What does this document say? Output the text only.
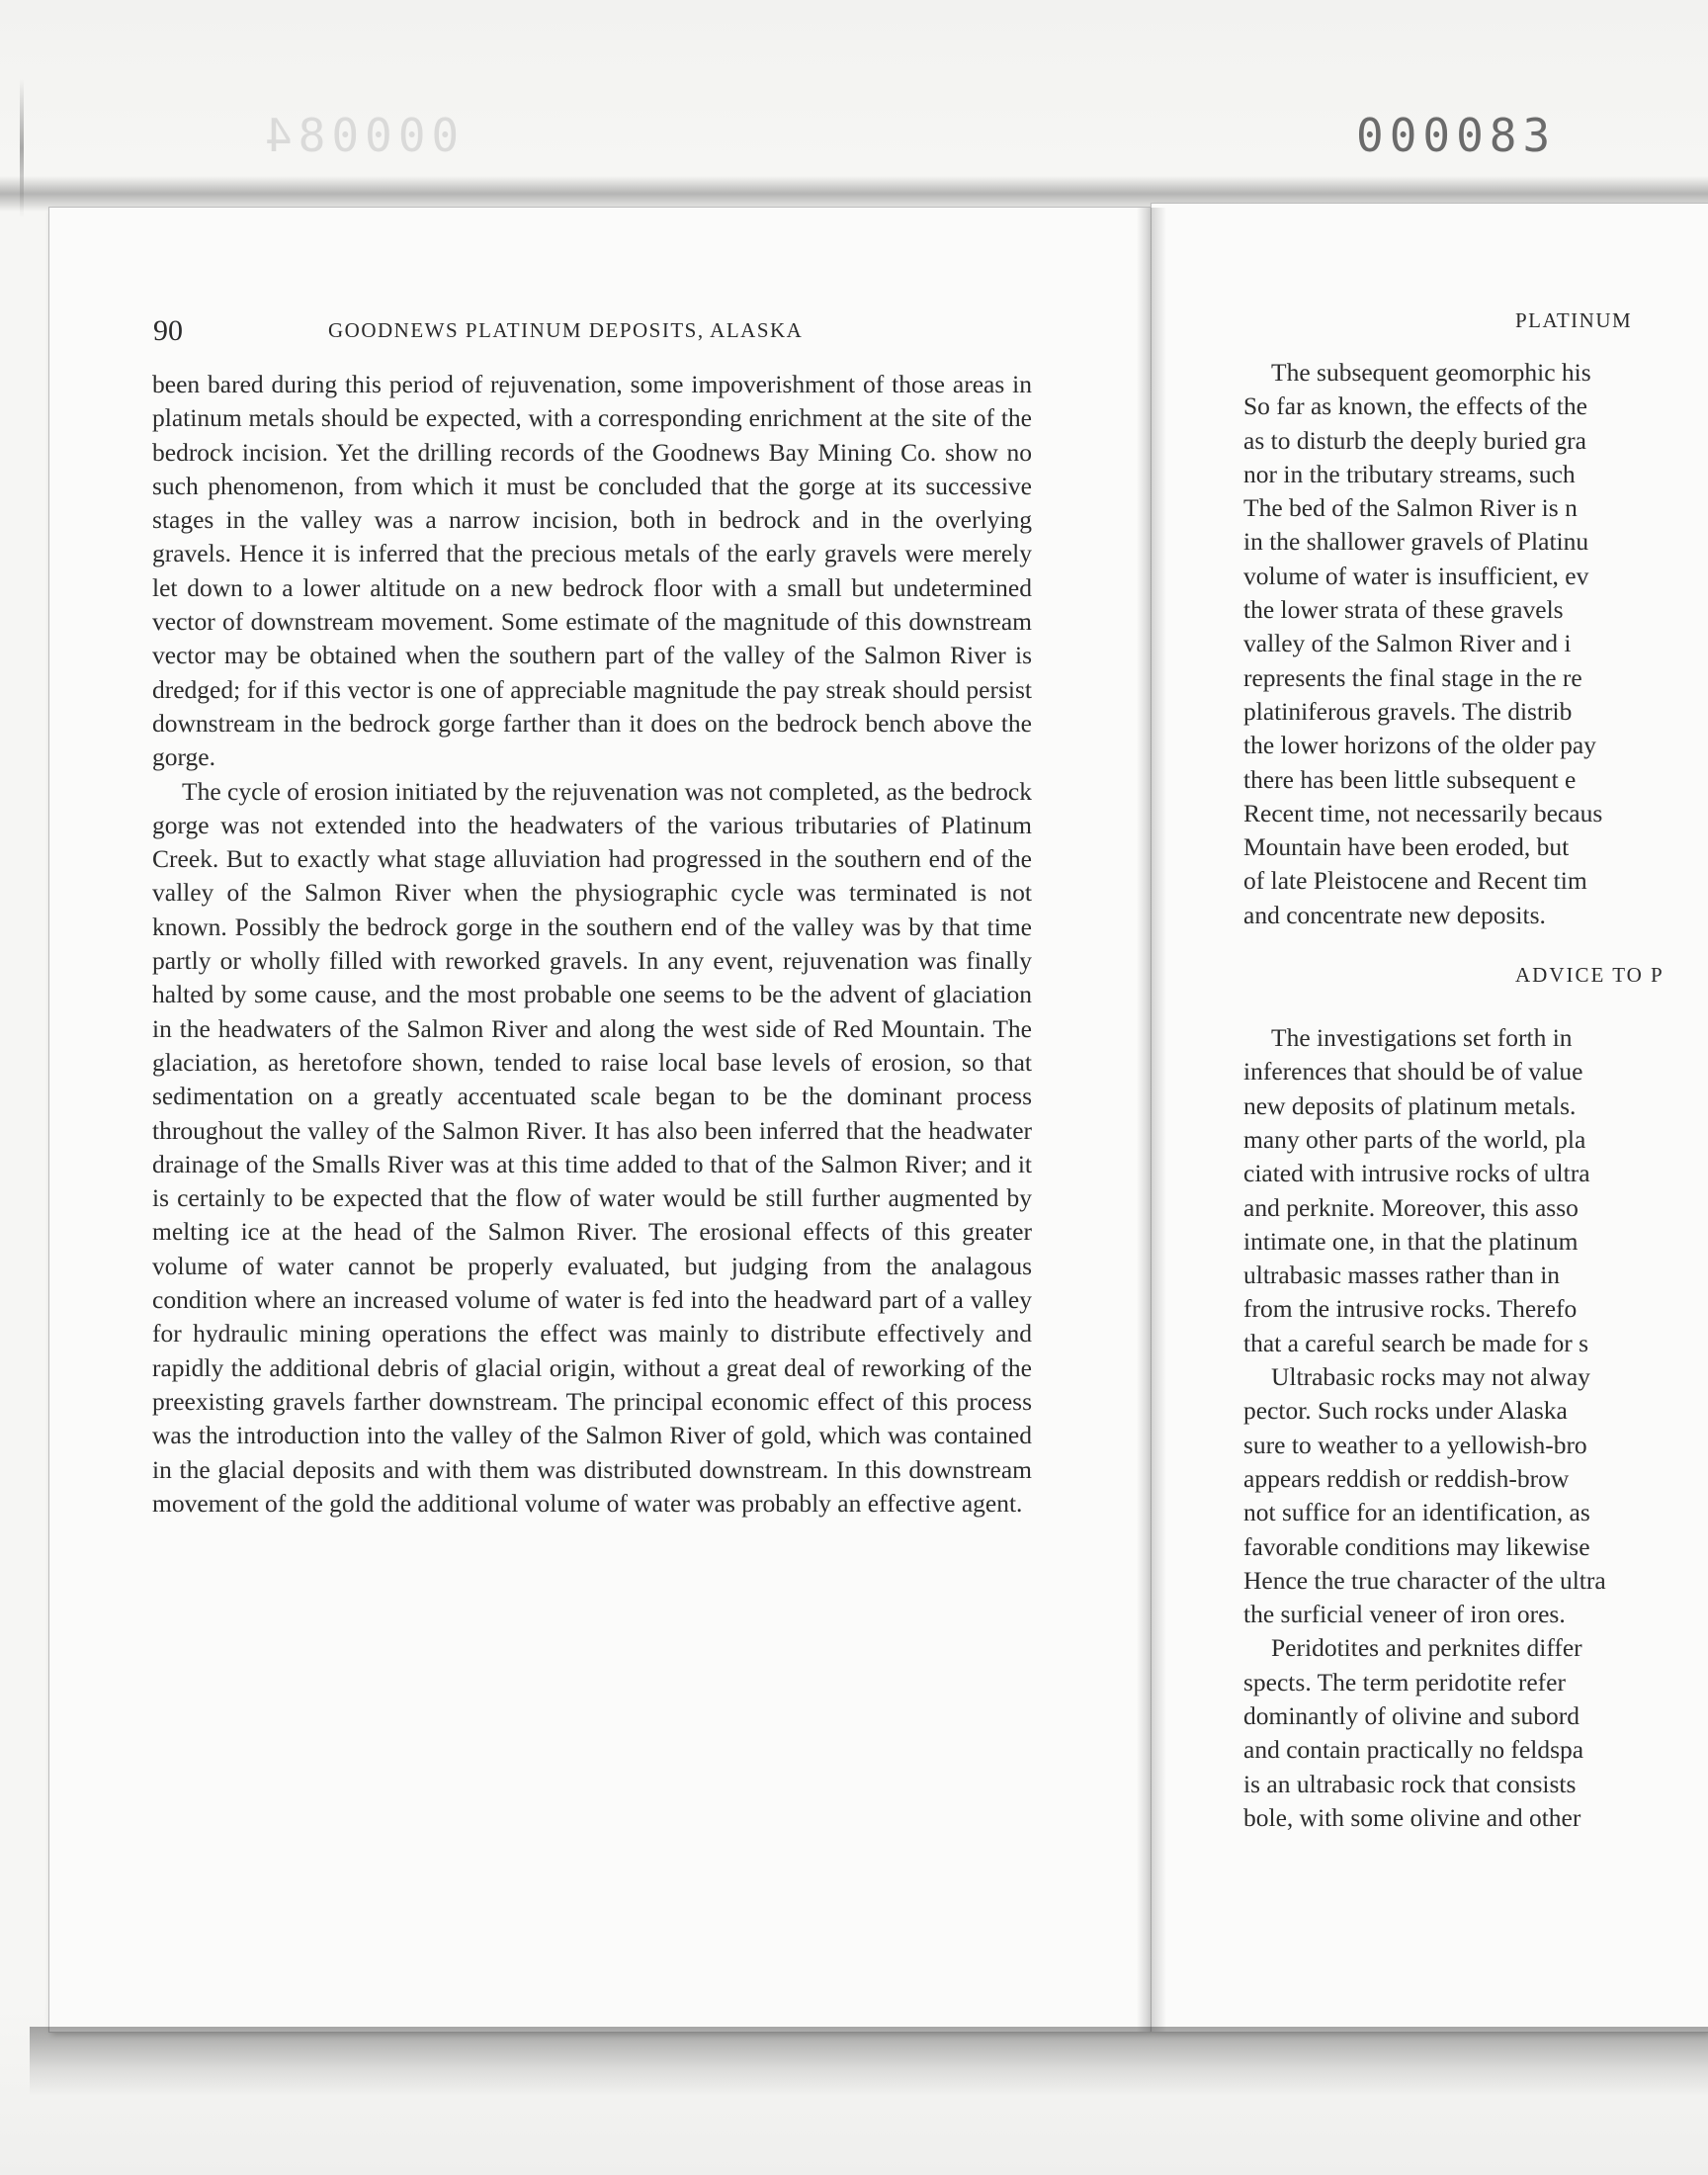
000084	000083
90	GOODNEWS PLATINUM DEPOSITS, ALASKA

been bared during this period of rejuvenation, some impoverishment of those areas in platinum metals should be expected, with a corresponding enrichment at the site of the bedrock incision. Yet the drilling records of the Goodnews Bay Mining Co. show no such phenomenon, from which it must be concluded that the gorge at its successive stages in the valley was a narrow incision, both in bedrock and in the overlying gravels. Hence it is inferred that the precious metals of the early gravels were merely let down to a lower altitude on a new bedrock floor with a small but undetermined vector of downstream movement. Some estimate of the magnitude of this downstream vector may be obtained when the southern part of the valley of the Salmon River is dredged; for if this vector is one of appreciable magnitude the pay streak should persist downstream in the bedrock gorge farther than it does on the bedrock bench above the gorge.

The cycle of erosion initiated by the rejuvenation was not completed, as the bedrock gorge was not extended into the headwaters of the various tributaries of Platinum Creek. But to exactly what stage alluviation had progressed in the southern end of the valley of the Salmon River when the physiographic cycle was terminated is not known. Possibly the bedrock gorge in the southern end of the valley was by that time partly or wholly filled with reworked gravels. In any event, rejuvenation was finally halted by some cause, and the most probable one seems to be the advent of glaciation in the headwaters of the Salmon River and along the west side of Red Mountain. The glaciation, as heretofore shown, tended to raise local base levels of erosion, so that sedimentation on a greatly accentuated scale began to be the dominant process throughout the valley of the Salmon River. It has also been inferred that the headwater drainage of the Smalls River was at this time added to that of the Salmon River; and it is certainly to be expected that the flow of water would be still further augmented by melting ice at the head of the Salmon River. The erosional effects of this greater volume of water cannot be properly evaluated, but judging from the analagous condition where an increased volume of water is fed into the headward part of a valley for hydraulic mining operations the effect was mainly to distribute effectively and rapidly the additional debris of glacial origin, without a great deal of reworking of the preexisting gravels farther downstream. The principal economic effect of this process was the introduction into the valley of the Salmon River of gold, which was contained in the glacial deposits and with them was distributed downstream. In this downstream movement of the gold the additional volume of water was probably an effective agent.

PLATINUM
The subsequent geomorphic his
So far as known, the effects of the
as to disturb the deeply buried gra
nor in the tributary streams, such
The bed of the Salmon River is n
in the shallower gravels of Platinu
volume of water is insufficient, ev
the lower strata of these gravels
valley of the Salmon River and i
represents the final stage in the re
platiniferous gravels. The distrib
the lower horizons of the older pay
there has been little subsequent e
Recent time, not necessarily becaus
Mountain have been eroded, but
of late Pleistocene and Recent tim
and concentrate new deposits.
ADVICE TO P
The investigations set forth in
inferences that should be of value
new deposits of platinum metals.
many other parts of the world, pla
ciated with intrusive rocks of ultra
and perknite. Moreover, this asso
intimate one, in that the platinum
ultrabasic masses rather than in
from the intrusive rocks. Therefo
that a careful search be made for s
Ultrabasic rocks may not alway
pector. Such rocks under Alaska
sure to weather to a yellowish-bro
appears reddish or reddish-brow
not suffice for an identification, as
favorable conditions may likewise
Hence the true character of the ultra
the surficial veneer of iron ores.
Peridotites and perknites differ
spects. The term peridotite refer
dominantly of olivine and subord
and contain practically no feldspa
is an ultrabasic rock that consists
bole, with some olivine and other
